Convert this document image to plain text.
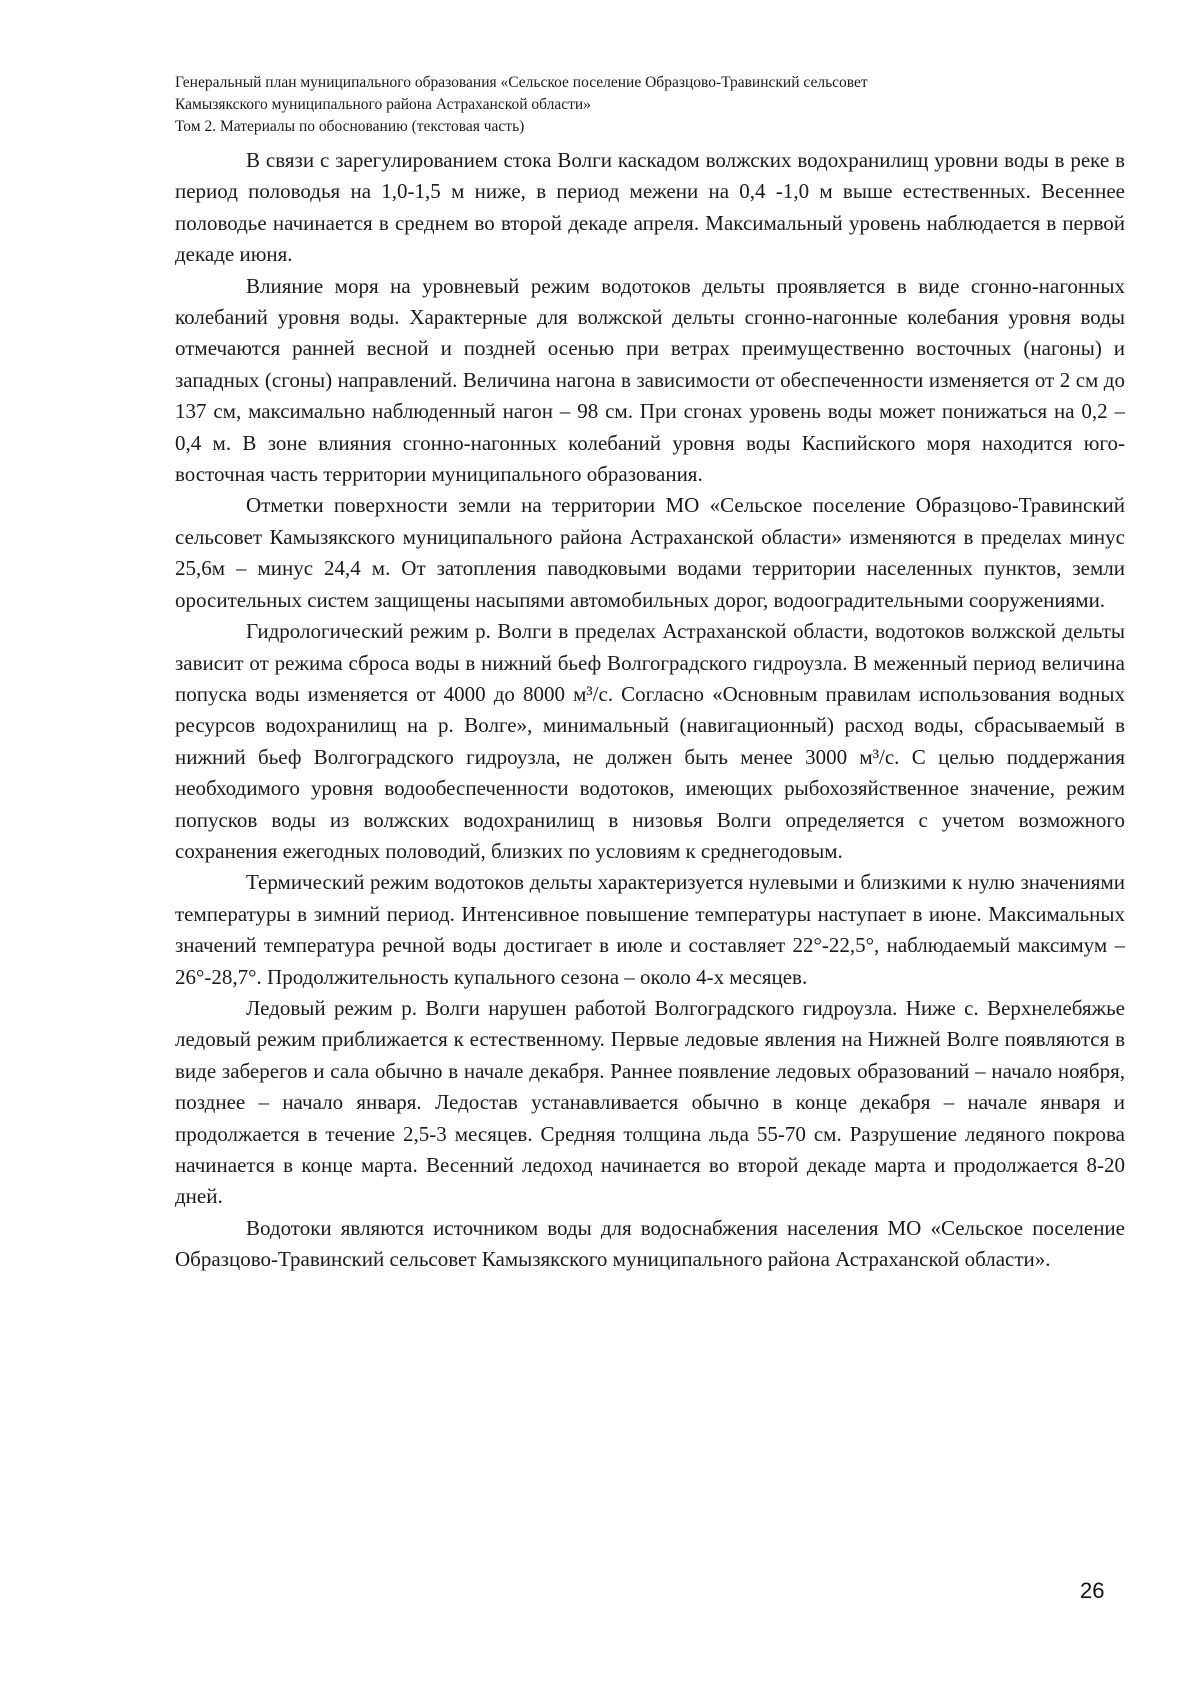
Генеральный план муниципального образования «Сельское поселение Образцово-Травинский сельсовет
Камызякского муниципального района Астраханской области»
Том 2. Материалы по обоснованию (текстовая часть)

В связи с зарегулированием стока Волги каскадом волжских водохранилищ уровни воды в реке в период половодья на 1,0-1,5 м ниже, в период межени на 0,4 -1,0 м выше естественных. Весеннее половодье начинается в среднем во второй декаде апреля. Максимальный уровень наблюдается в первой декаде июня.

Влияние моря на уровневый режим водотоков дельты проявляется в виде сгонно-нагонных колебаний уровня воды. Характерные для волжской дельты сгонно-нагонные колебания уровня воды отмечаются ранней весной и поздней осенью при ветрах преимущественно восточных (нагоны) и западных (сгоны) направлений. Величина нагона в зависимости от обеспеченности изменяется от 2 см до 137 см, максимально наблюденный нагон – 98 см. При сгонах уровень воды может понижаться на 0,2 –0,4 м. В зоне влияния сгонно-нагонных колебаний уровня воды Каспийского моря находится юго-восточная часть территории муниципального образования.

Отметки поверхности земли на территории МО «Сельское поселение Образцово-Травинский сельсовет Камызякского муниципального района Астраханской области» изменяются в пределах минус 25,6м – минус 24,4 м. От затопления паводковыми водами территории населенных пунктов, земли оросительных систем защищены насыпями автомобильных дорог, водооградительными сооружениями.

Гидрологический режим р. Волги в пределах Астраханской области, водотоков волжской дельты зависит от режима сброса воды в нижний бьеф Волгоградского гидроузла. В меженный период величина попуска воды изменяется от 4000 до 8000 м³/с. Согласно «Основным правилам использования водных ресурсов водохранилищ на р. Волге», минимальный (навигационный) расход воды, сбрасываемый в нижний бьеф Волгоградского гидроузла, не должен быть менее 3000 м³/с. С целью поддержания необходимого уровня водообеспеченности водотоков, имеющих рыбохозяйственное значение, режим попусков воды из волжских водохранилищ в низовья Волги определяется с учетом возможного сохранения ежегодных половодий, близких по условиям к среднегодовым.

Термический режим водотоков дельты характеризуется нулевыми и близкими к нулю значениями температуры в зимний период. Интенсивное повышение температуры наступает в июне. Максимальных значений температура речной воды достигает в июле и составляет 22°-22,5°, наблюдаемый максимум – 26°-28,7°. Продолжительность купального сезона – около 4-х месяцев.

Ледовый режим р. Волги нарушен работой Волгоградского гидроузла. Ниже с. Верхнелебяжье ледовый режим приближается к естественному. Первые ледовые явления на Нижней Волге появляются в виде заберегов и сала обычно в начале декабря. Раннее появление ледовых образований – начало ноября, позднее – начало января. Ледостав устанавливается обычно в конце декабря – начале января и продолжается в течение 2,5-3 месяцев. Средняя толщина льда 55-70 см. Разрушение ледяного покрова начинается в конце марта. Весенний ледоход начинается во второй декаде марта и продолжается 8-20 дней.

Водотоки являются источником воды для водоснабжения населения МО «Сельское поселение Образцово-Травинский сельсовет Камызякского муниципального района Астраханской области».

26
